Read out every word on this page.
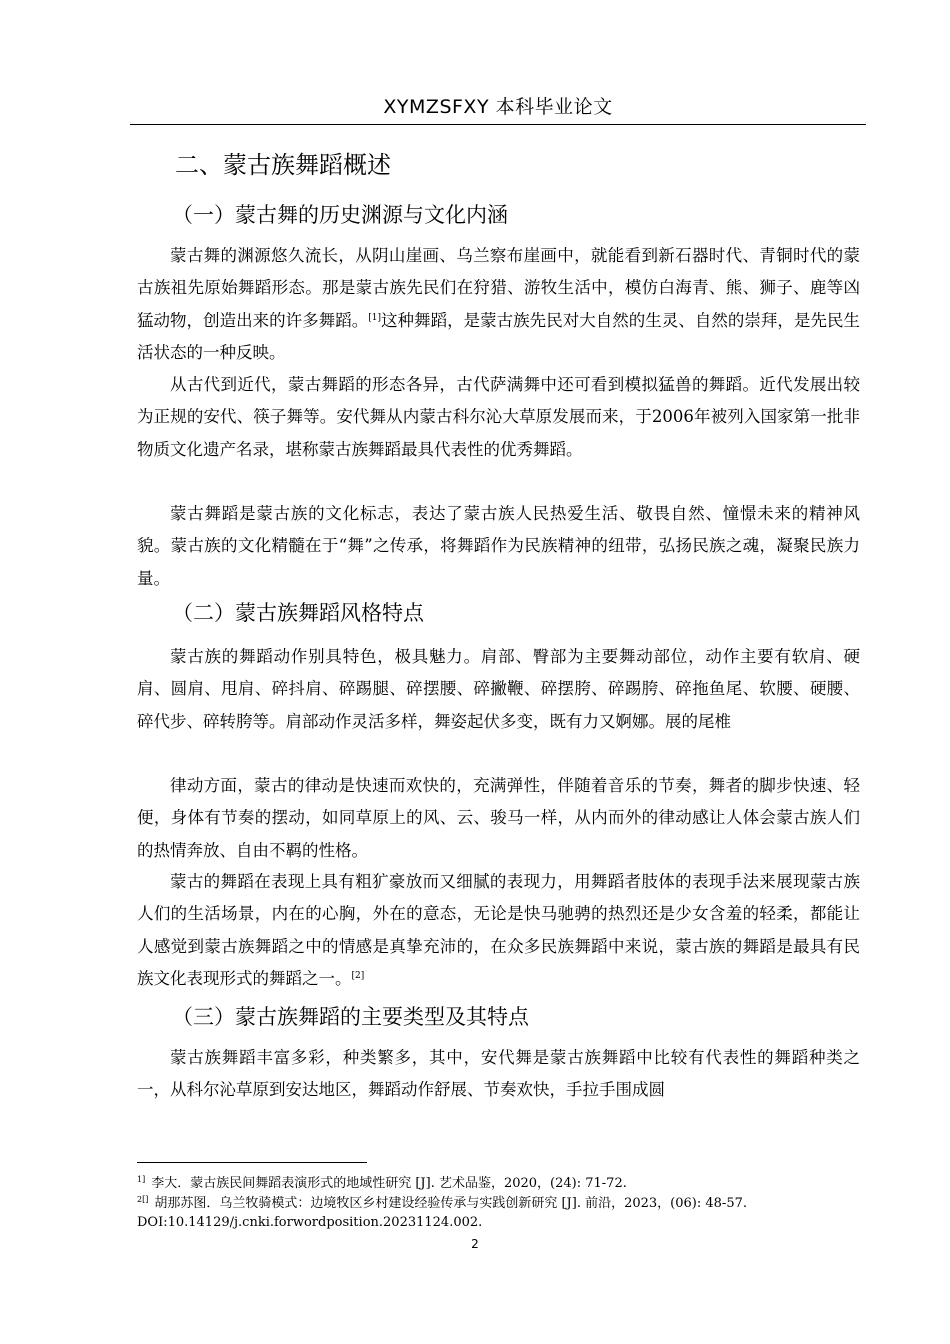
XYMZSFXY 本科毕业论文
二、蒙古族舞蹈概述
（一）蒙古舞的历史渊源与文化内涵
蒙古舞的渊源悠久流长，从阴山崖画、乌兰察布崖画中，就能看到新石器时代、青铜时代的蒙古族祖先原始舞蹈形态。那是蒙古族先民们在狩猎、游牧生活中，模仿白海青、熊、狮子、鹿等凶猛动物，创造出来的许多舞蹈。[1]这种舞蹈，是蒙古族先民对大自然的生灵、自然的崇拜，是先民生活状态的一种反映。
从古代到近代，蒙古舞蹈的形态各异，古代萨满舞中还可看到模拟猛兽的舞蹈。近代发展出较为正规的安代、筷子舞等。安代舞从内蒙古科尔沁大草原发展而来，于2006年被列入国家第一批非物质文化遗产名录，堪称蒙古族舞蹈最具代表性的优秀舞蹈。
蒙古舞蹈是蒙古族的文化标志，表达了蒙古族人民热爱生活、敬畏自然、憧憬未来的精神风貌。蒙古族的文化精髓在于“舞”之传承，将舞蹈作为民族精神的纽带，弘扬民族之魂，凝聚民族力量。
（二）蒙古族舞蹈风格特点
蒙古族的舞蹈动作别具特色，极具魅力。肩部、臀部为主要舞动部位，动作主要有软肩、硬肩、圆肩、甩肩、碎抖肩、碎踢腿、碎摆腰、碎撇鞭、碎摆胯、碎踢胯、碎拖鱼尾、软腰、硬腰、碎代步、碎转胯等。肩部动作灵活多样，舞姿起伏多变，既有力又婀娜。展的尾椎
律动方面，蒙古的律动是快速而欢快的，充满弹性，伴随着音乐的节奏，舞者的脚步快速、轻便，身体有节奏的摆动，如同草原上的风、云、骏马一样，从内而外的律动感让人体会蒙古族人们的热情奔放、自由不羁的性格。
蒙古的舞蹈在表现上具有粗犷豪放而又细腻的表现力，用舞蹈者肢体的表现手法来展现蒙古族人们的生活场景，内在的心胸，外在的意态，无论是快马驰骋的热烈还是少女含羞的轻柔，都能让人感觉到蒙古族舞蹈之中的情感是真挚充沛的，在众多民族舞蹈中来说，蒙古族的舞蹈是最具有民族文化表现形式的舞蹈之一。[2]
（三）蒙古族舞蹈的主要类型及其特点
蒙古族舞蹈丰富多彩，种类繁多，其中，安代舞是蒙古族舞蹈中比较有代表性的舞蹈种类之一，从科尔沁草原到安达地区，舞蹈动作舒展、节奏欢快，手拉手围成圆
$^{1]}$ 李大．蒙古族民间舞蹈表演形式的地域性研究 [J]. 艺术品鉴，2020，(24): 71-72.
$^{2[]}$ 胡那苏图．乌兰牧骑模式：边境牧区乡村建设经验传承与实践创新研究 [J]. 前沿，2023，(06): 48-57. DOI:10.14129/j.cnki.forwordposition.20231124.002.
2
